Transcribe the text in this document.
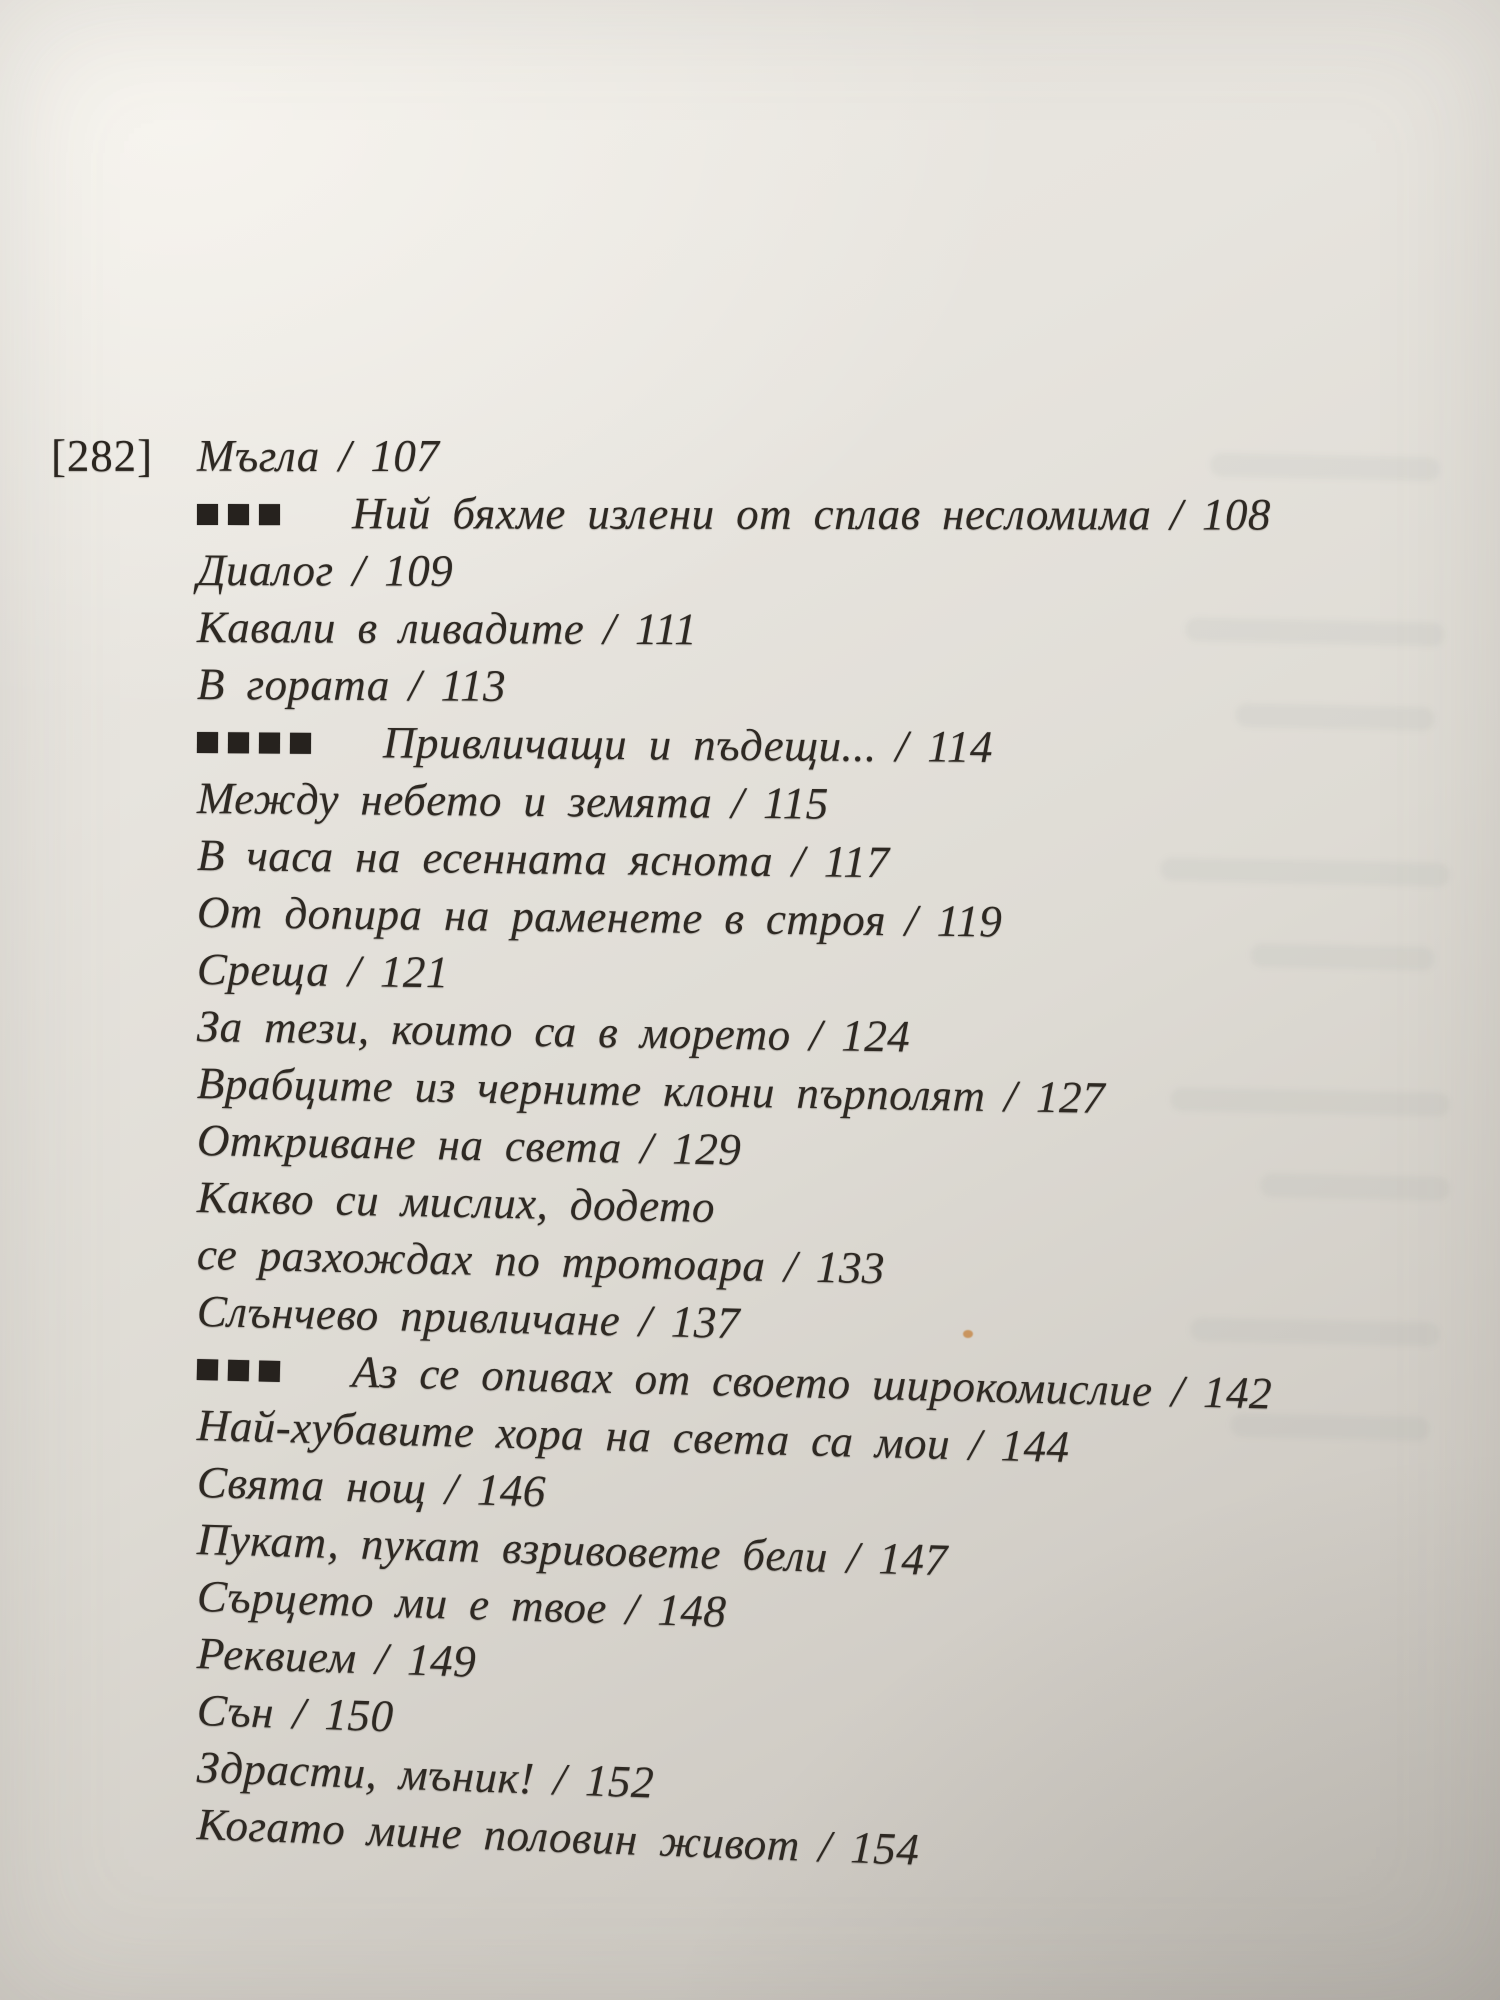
[282] Мъгла / 107
Ний бяхме излени от сплав несломима / 108
Диалог / 109
Кавали в ливадите / 111
В гората / 113
Привличащи и пъдещи... / 114
Между небето и земята / 115
В часа на есенната яснота / 117
От допира на раменете в строя / 119
Среща / 121
За тези, които са в морето / 124
Врабците из черните клони пърполят / 127
Откриване на света / 129
Какво си мислих, додето
се разхождах по тротоара / 133
Слънчево привличане / 137
Аз се опивах от своето широкомислие / 142
Най-хубавите хора на света са мои / 144
Свята нощ / 146
Пукат, пукат взривовете бели / 147
Сърцето ми е твое / 148
Реквием / 149
Сън / 150
Здрасти, мъник! / 152
Когато мине половин живот / 154
